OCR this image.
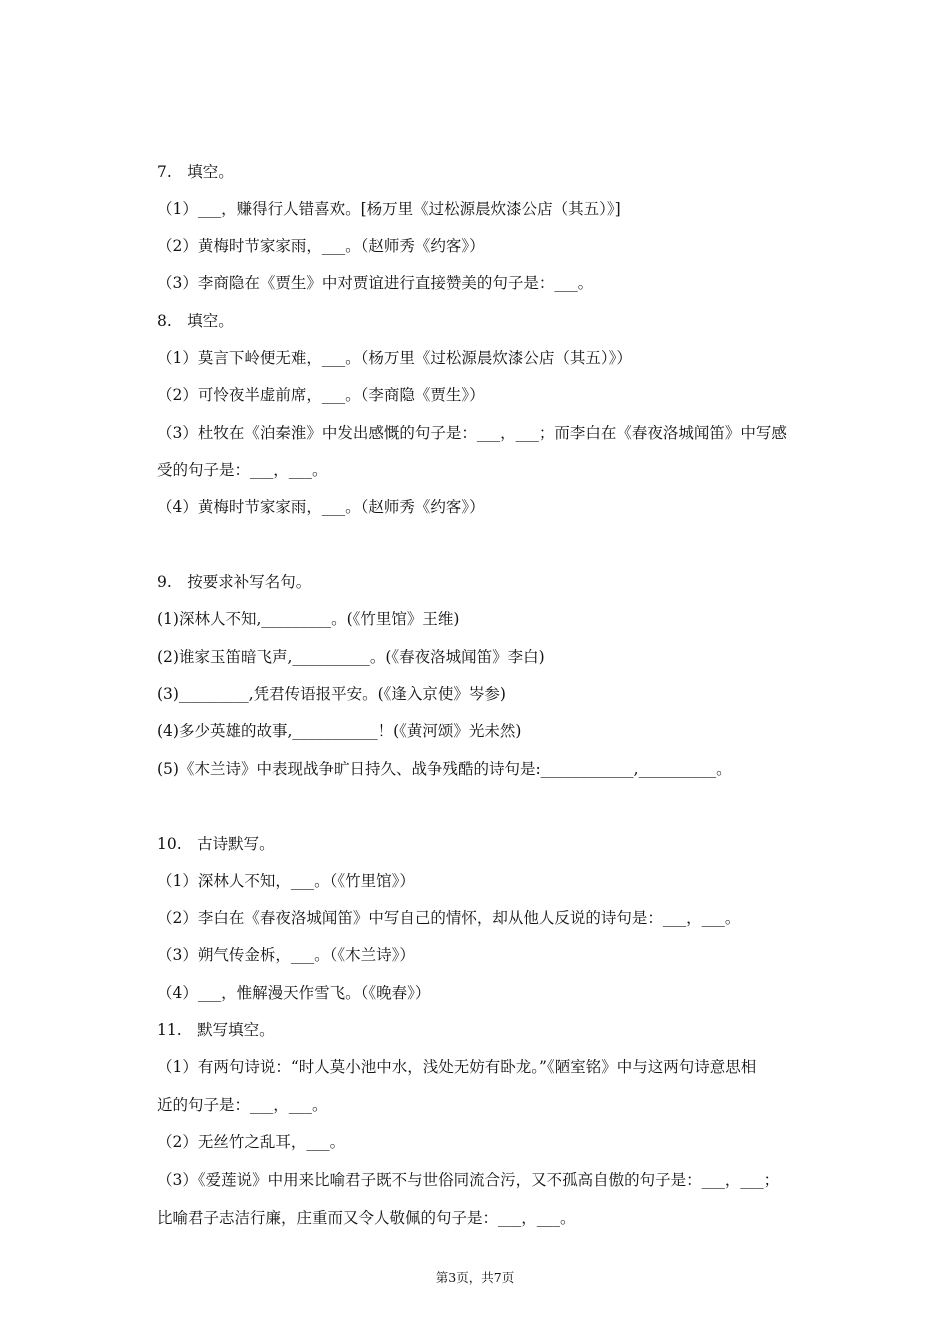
7.　填空。
（1）___，赚得行人错喜欢。[杨万里《过松源晨炊漆公店（其五）》]
（2）黄梅时节家家雨，___。（赵师秀《约客》）
（3）李商隐在《贾生》中对贾谊进行直接赞美的句子是：___。
8.　填空。
（1）莫言下岭便无难，___。（杨万里《过松源晨炊漆公店（其五）》）
（2）可怜夜半虚前席，___。（李商隐《贾生》）
（3）杜牧在《泊秦淮》中发出感慨的句子是：___，___；而李白在《春夜洛城闻笛》中写感
受的句子是：___，___。
（4）黄梅时节家家雨，___。（赵师秀《约客》）
9.　按要求补写名句。
(1)深林人不知,_________。(《竹里馆》王维)
(2)谁家玉笛暗飞声,__________。(《春夜洛城闻笛》李白)
(3)_________,凭君传语报平安。(《逢入京使》岑参)
(4)多少英雄的故事,___________！(《黄河颂》光未然)
(5)《木兰诗》中表现战争旷日持久、战争残酷的诗句是:____________,__________。
10.　古诗默写。
（1）深林人不知，___。（《竹里馆》）
（2）李白在《春夜洛城闻笛》中写自己的情怀，却从他人反说的诗句是：___，___。
（3）朔气传金柝，___。（《木兰诗》）
（4）___，惟解漫天作雪飞。（《晚春》）
11.　默写填空。
（1）有两句诗说：“时人莫小池中水，浅处无妨有卧龙。”《陋室铭》中与这两句诗意思相
近的句子是：___，___。
（2）无丝竹之乱耳，___。
（3）《爱莲说》中用来比喻君子既不与世俗同流合污，又不孤高自傲的句子是：___，___；
比喻君子志洁行廉，庄重而又令人敬佩的句子是：___，___。
第3页，共7页
